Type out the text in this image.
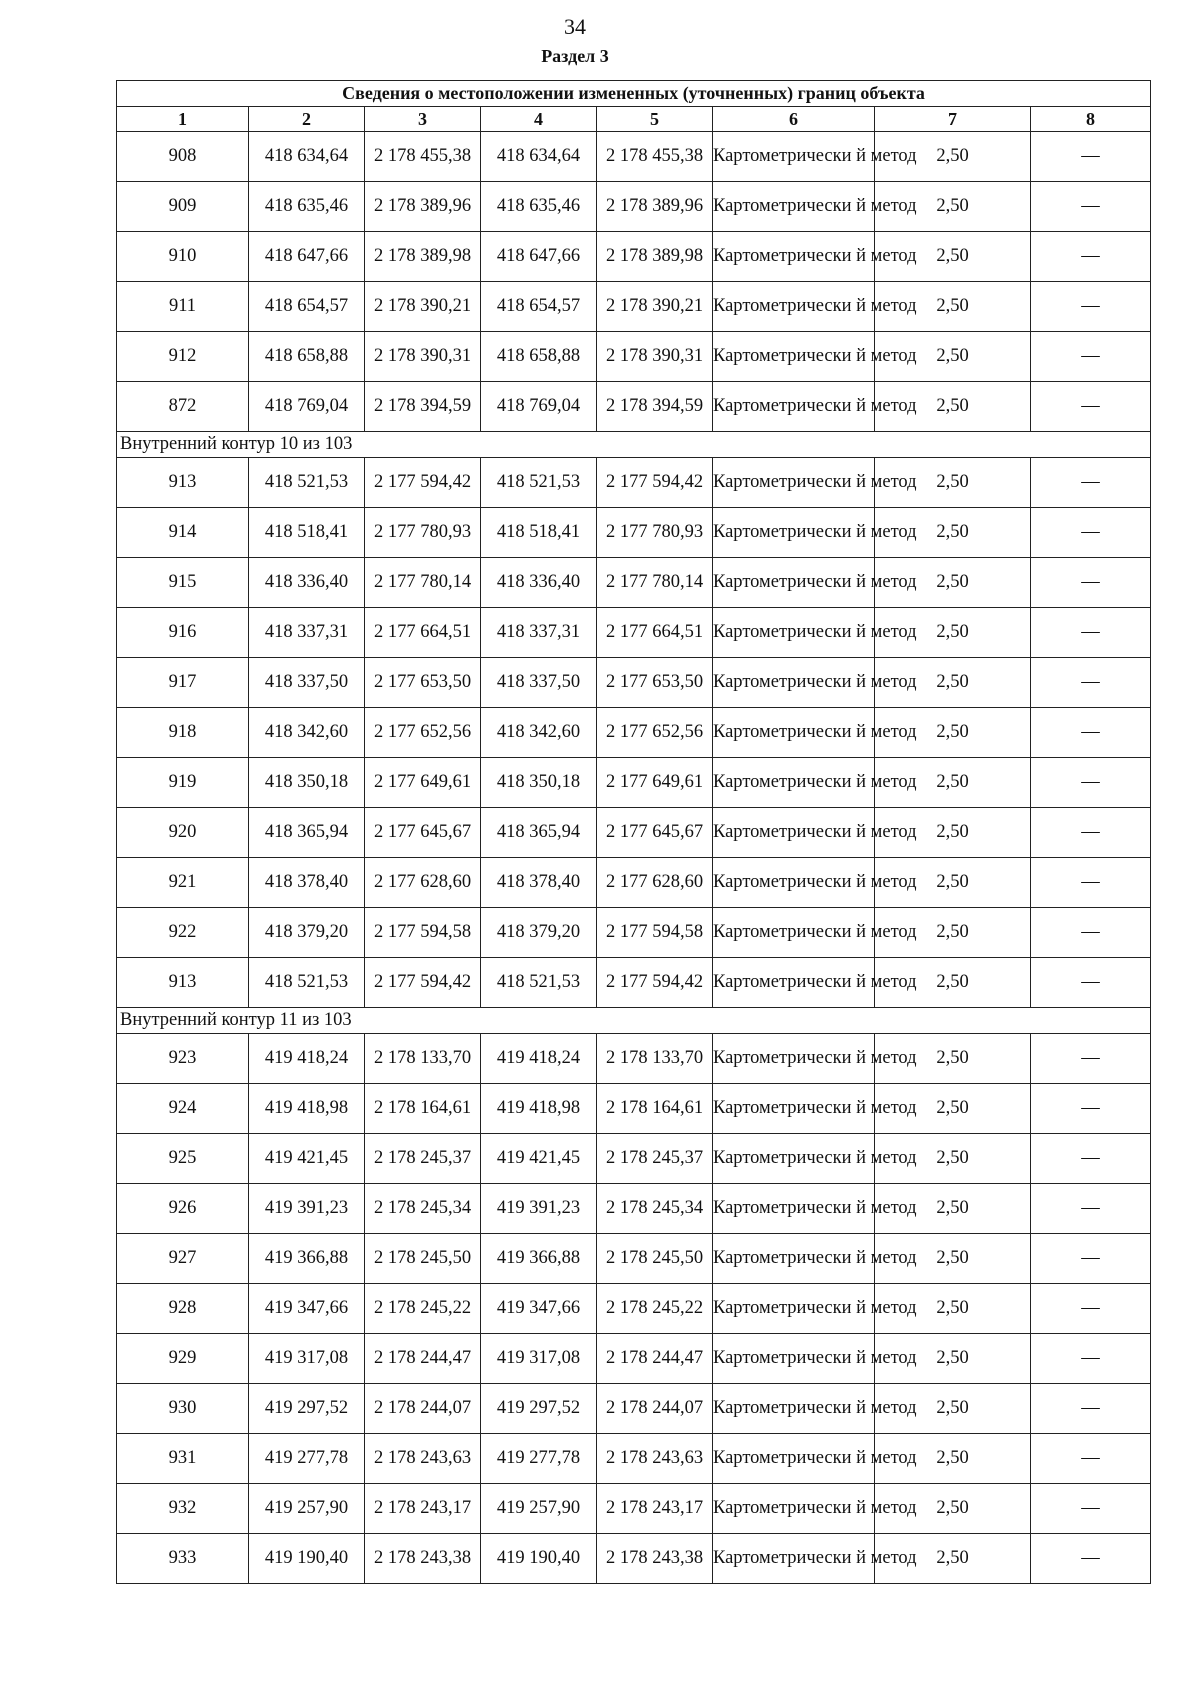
34
Раздел 3
Сведения о местоположении измененных (уточненных) границ объекта							
1	2	3	4	5	6	7	8
908	418 634,64	2 178 455,38	418 634,64	2 178 455,38	Картометрически й метод	2,50	—
909	418 635,46	2 178 389,96	418 635,46	2 178 389,96	Картометрически й метод	2,50	—
910	418 647,66	2 178 389,98	418 647,66	2 178 389,98	Картометрически й метод	2,50	—
911	418 654,57	2 178 390,21	418 654,57	2 178 390,21	Картометрически й метод	2,50	—
912	418 658,88	2 178 390,31	418 658,88	2 178 390,31	Картометрически й метод	2,50	—
872	418 769,04	2 178 394,59	418 769,04	2 178 394,59	Картометрически й метод	2,50	—
Внутренний контур 10 из 103							
913	418 521,53	2 177 594,42	418 521,53	2 177 594,42	Картометрически й метод	2,50	—
914	418 518,41	2 177 780,93	418 518,41	2 177 780,93	Картометрически й метод	2,50	—
915	418 336,40	2 177 780,14	418 336,40	2 177 780,14	Картометрически й метод	2,50	—
916	418 337,31	2 177 664,51	418 337,31	2 177 664,51	Картометрически й метод	2,50	—
917	418 337,50	2 177 653,50	418 337,50	2 177 653,50	Картометрически й метод	2,50	—
918	418 342,60	2 177 652,56	418 342,60	2 177 652,56	Картометрически й метод	2,50	—
919	418 350,18	2 177 649,61	418 350,18	2 177 649,61	Картометрически й метод	2,50	—
920	418 365,94	2 177 645,67	418 365,94	2 177 645,67	Картометрически й метод	2,50	—
921	418 378,40	2 177 628,60	418 378,40	2 177 628,60	Картометрически й метод	2,50	—
922	418 379,20	2 177 594,58	418 379,20	2 177 594,58	Картометрически й метод	2,50	—
913	418 521,53	2 177 594,42	418 521,53	2 177 594,42	Картометрически й метод	2,50	—
Внутренний контур 11 из 103							
923	419 418,24	2 178 133,70	419 418,24	2 178 133,70	Картометрически й метод	2,50	—
924	419 418,98	2 178 164,61	419 418,98	2 178 164,61	Картометрически й метод	2,50	—
925	419 421,45	2 178 245,37	419 421,45	2 178 245,37	Картометрически й метод	2,50	—
926	419 391,23	2 178 245,34	419 391,23	2 178 245,34	Картометрически й метод	2,50	—
927	419 366,88	2 178 245,50	419 366,88	2 178 245,50	Картометрически й метод	2,50	—
928	419 347,66	2 178 245,22	419 347,66	2 178 245,22	Картометрически й метод	2,50	—
929	419 317,08	2 178 244,47	419 317,08	2 178 244,47	Картометрически й метод	2,50	—
930	419 297,52	2 178 244,07	419 297,52	2 178 244,07	Картометрически й метод	2,50	—
931	419 277,78	2 178 243,63	419 277,78	2 178 243,63	Картометрически й метод	2,50	—
932	419 257,90	2 178 243,17	419 257,90	2 178 243,17	Картометрически й метод	2,50	—
933	419 190,40	2 178 243,38	419 190,40	2 178 243,38	Картометрически й метод	2,50	—
